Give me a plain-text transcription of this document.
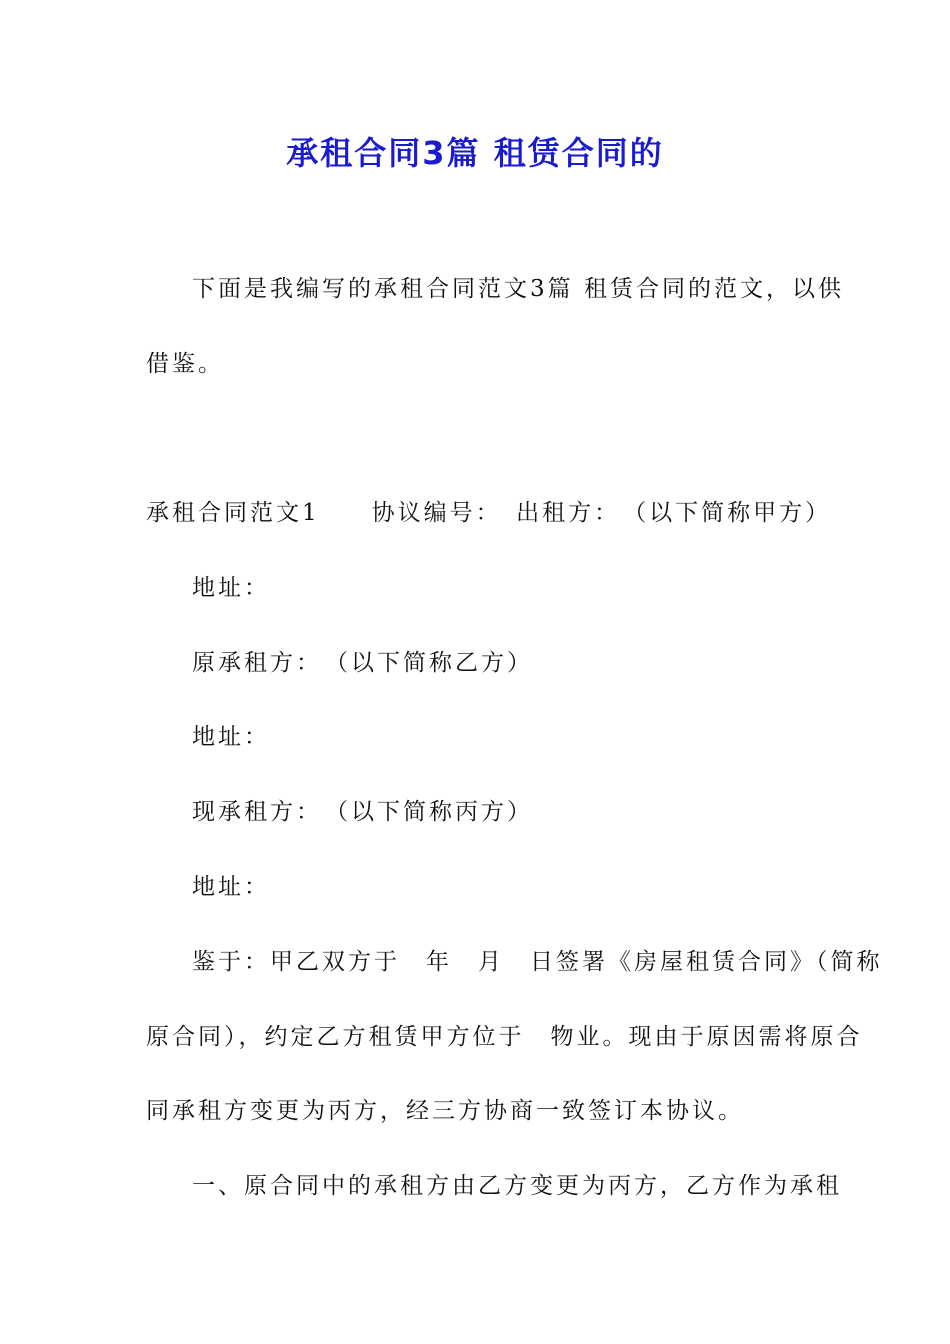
承租合同3篇 租赁合同的

下面是我编写的承租合同范文3篇 租赁合同的范文，以供

借鉴。

承租合同范文1　　协议编号：　出租方：　（以下简称甲方）

地址：

原承租方：　（以下简称乙方）

地址：

现承租方：　（以下简称丙方）

地址：

鉴于：甲乙双方于　年　月　日签署《房屋租赁合同》（简称

原合同），约定乙方租赁甲方位于　物业。现由于原因需将原合

同承租方变更为丙方，经三方协商一致签订本协议。

一、原合同中的承租方由乙方变更为丙方，乙方作为承租
